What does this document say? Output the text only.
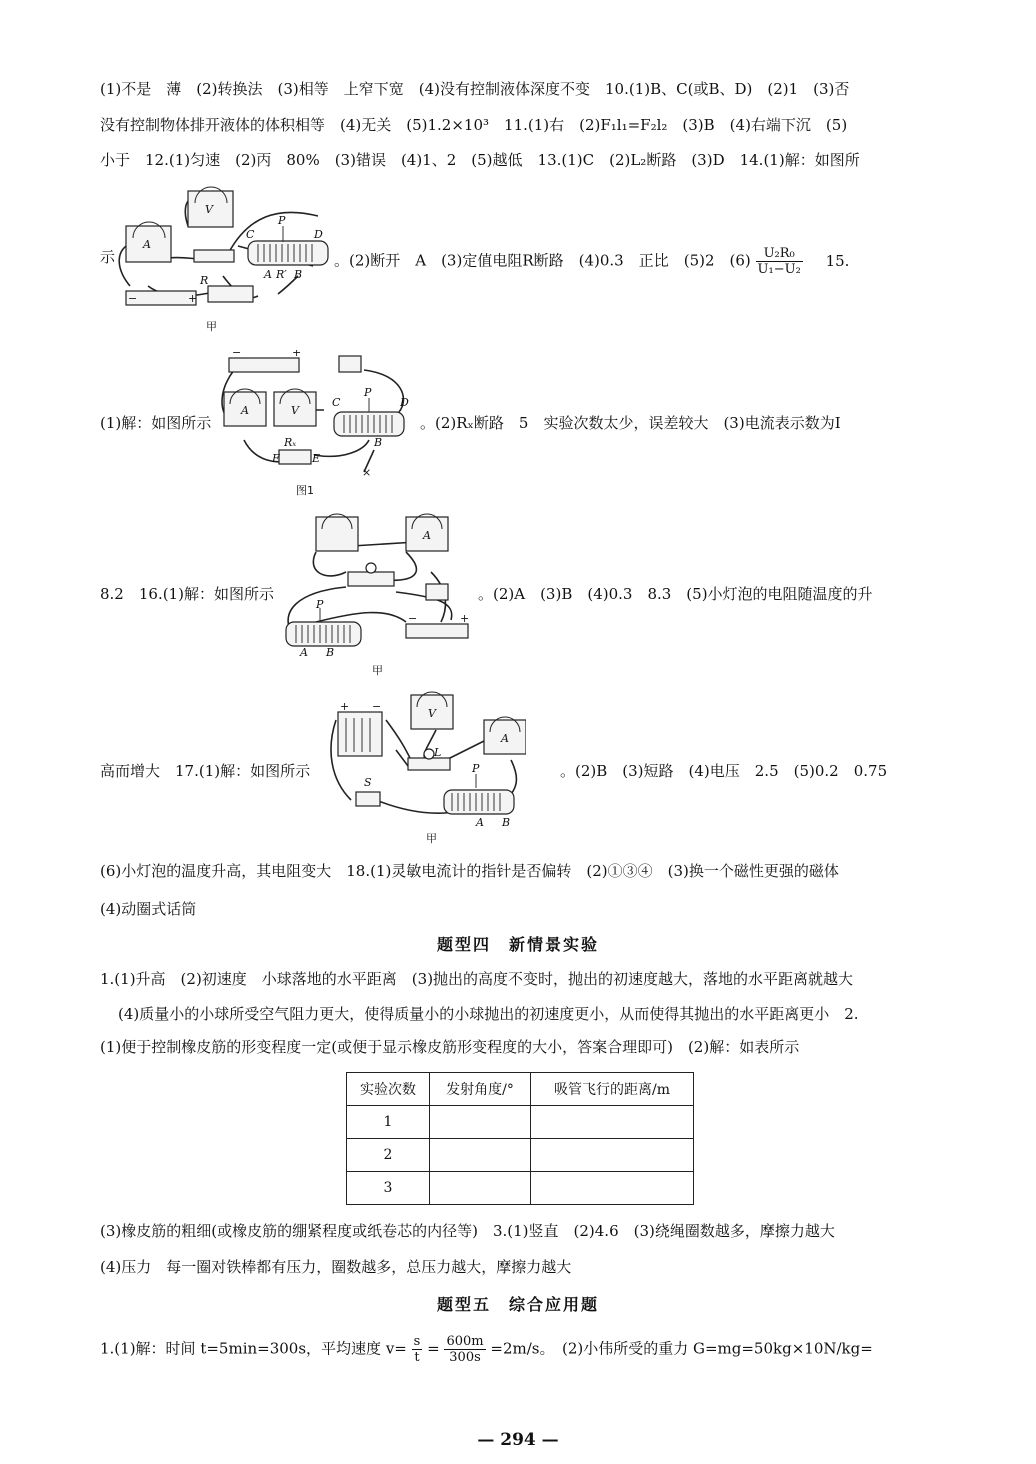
(1)不是　薄　(2)转换法　(3)相等　上窄下宽　(4)没有控制液体深度不变　10.(1)B、C(或B、D)　(2)1　(3)否
没有控制物体排开液体的体积相等　(4)无关　(5)1.2×10³　11.(1)右　(2)F₁l₁=F₂l₂　(3)B　(4)右端下沉　(5)
小于　12.(1)匀速　(2)丙　80%　(3)错误　(4)1、2　(5)越低　13.(1)C　(2)L₂断路　(3)D　14.(1)解：如图所
示	。(2)断开　A　(3)定值电阻R断路　(4)0.3　正比　(5)2　$(6) \frac{\text{U₂R₀}}{\text{U₁−U₂}} 15$.
(1)解：如图所示	。(2)Rₓ断路　5　实验次数太少，误差较大　(3)电流表示数为I
8.2　16.(1)解：如图所示	。(2)A　(3)B　(4)0.3　8.3　(5)小灯泡的电阻随温度的升
高而增大　17.(1)解：如图所示	。(2)B　(3)短路　(4)电压　2.5　(5)0.2　0.75
(6)小灯泡的温度升高，其电阻变大　18.(1)灵敏电流计的指针是否偏转　(2)①③④　(3)换一个磁性更强的磁体
(4)动圈式话筒
题型四　新情景实验
1.(1)升高　(2)初速度　小球落地的水平距离　(3)抛出的高度不变时，抛出的初速度越大，落地的水平距离就越大
(4)质量小的小球所受空气阻力更大，使得质量小的小球抛出的初速度更小，从而使得其抛出的水平距离更小　2.
(1)便于控制橡皮筋的形变程度一定(或便于显示橡皮筋形变程度的大小，答案合理即可)　(2)解：如表所示
实验次数	发射角度/°	吸管飞行的距离/m
1		
2		
3		
(3)橡皮筋的粗细(或橡皮筋的绷紧程度或纸卷芯的内径等)　3.(1)竖直　(2)4.6　(3)绕绳圈数越多，摩擦力越大
(4)压力　每一圈对铁棒都有压力，圈数越多，总压力越大，摩擦力越大
题型五　综合应用题
1.(1)解：时间 t=5min=300s，平均速度 $v= \frac{s}{t} = \frac{600m}{300s} =2m/s$。　(2)小伟所受的重力 G=mg=50kg×10N/kg=
— 294 —
A
V
R
P
C	D
A R′ B
−	+
甲
−	+
A	V
P
C	D
B
Rₓ
F	E
×
图1
A
P
A B
−	+
甲
V
A
L
S
P
A B
+ −
甲
